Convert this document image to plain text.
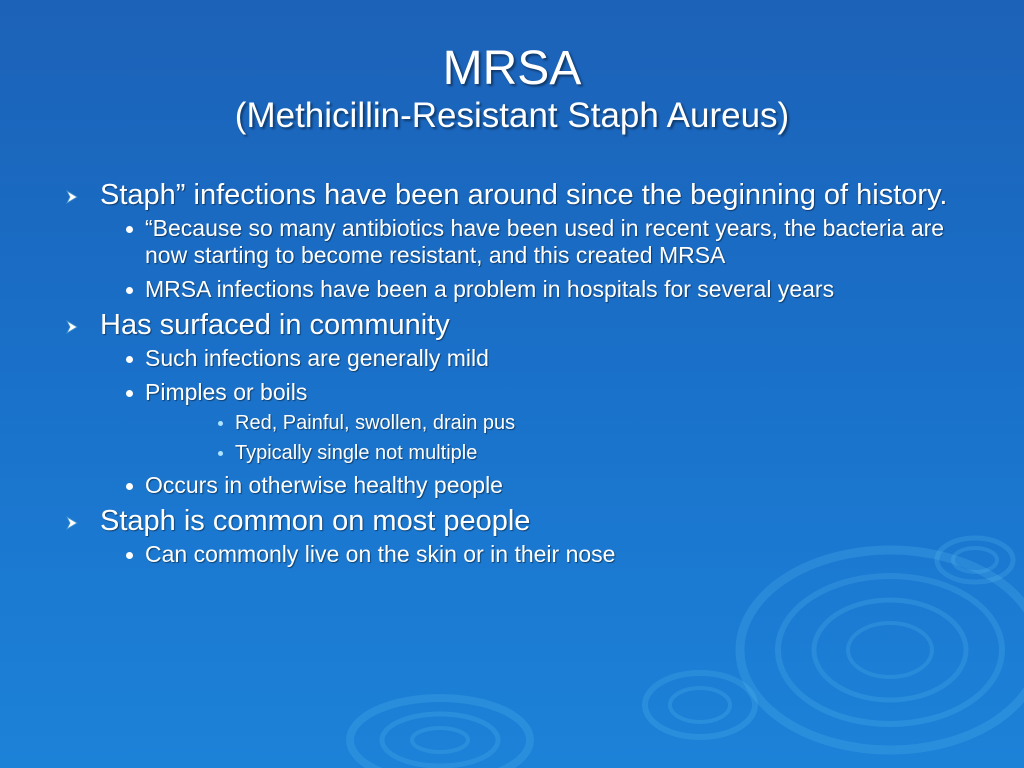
MRSA
(Methicillin-Resistant Staph Aureus)
Staph” infections have been around since the beginning of history.
“Because so many antibiotics have been used in recent years, the bacteria are now starting to become resistant, and this created MRSA
MRSA infections have been a problem in hospitals for several years
Has surfaced in community
Such infections are generally mild
Pimples or boils
Red, Painful, swollen, drain pus
Typically single not multiple
Occurs in otherwise healthy people
Staph is common on most people
Can commonly live on the skin or in their nose
